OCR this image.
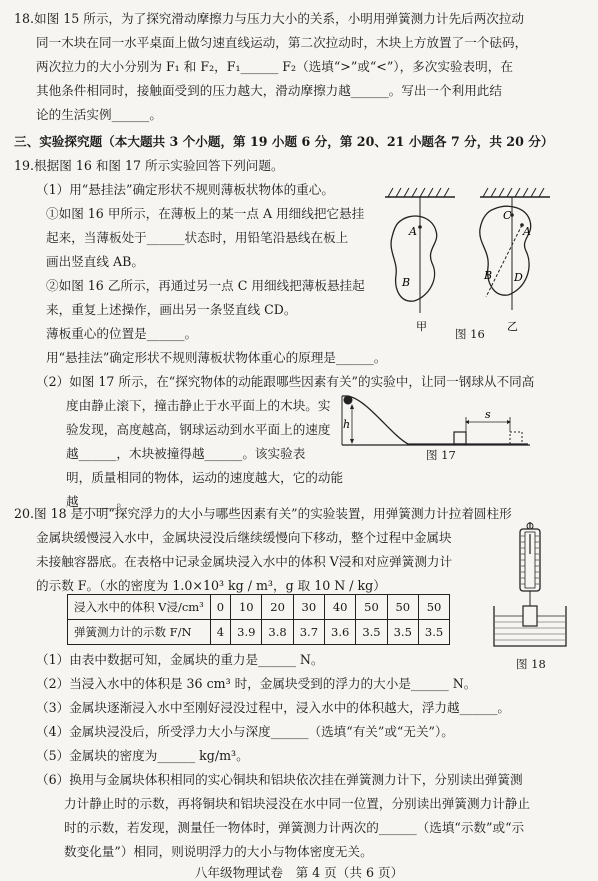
18.如图 15 所示，为了探究滑动摩擦力与压力大小的关系，小明用弹簧测力计先后两次拉动
同一木块在同一水平桌面上做匀速直线运动，第二次拉动时，木块上方放置了一个砝码，
两次拉力的大小分别为 F₁ 和 F₂，F₁______ F₂（选填“>”或“<”），多次实验表明，在
其他条件相同时，接触面受到的压力越大，滑动摩擦力越______。写出一个利用此结
论的生活实例______。
三、实验探究题（本大题共 3 个小题，第 19 小题 6 分，第 20、21 小题各 7 分，共 20 分）
19.根据图 16 和图 17 所示实验回答下列问题。
（1）用“悬挂法”确定形状不规则薄板状物体的重心。
①如图 16 甲所示，在薄板上的某一点 A 用细线把它悬挂
起来，当薄板处于______状态时，用铅笔沿悬线在板上
画出竖直线 AB。
②如图 16 乙所示，再通过另一点 C 用细线把薄板悬挂起
来，重复上述操作，画出另一条竖直线 CD。
薄板重心的位置是______。
用“悬挂法”确定形状不规则薄板状物体重心的原理是______。
（2）如图 17 所示，在“探究物体的动能跟哪些因素有关”的实验中，让同一钢球从不同高
度由静止滚下，撞击静止于水平面上的木块。实
验发现，高度越高，钢球运动到水平面上的速度
越______，木块被撞得越______。该实验表
明，质量相同的物体，运动的速度越大，它的动能
越______。
A
B
甲
C
A
B D
乙
图 16
h
s
图 17
20.图 18 是小明“探究浮力的大小与哪些因素有关”的实验装置，用弹簧测力计拉着圆柱形
金属块缓慢浸入水中，金属块浸没后继续缓慢向下移动，整个过程中金属块
未接触容器底。在表格中记录金属块浸入水中的体积 V浸和对应弹簧测力计
的示数 F。（水的密度为 1.0×10³ kg / m³，g 取 10 N / kg）
浸入水中的体积 V浸/cm³	0	10	20	30	40	50	50	50
弹簧测力计的示数 F/N	4	3.9	3.8	3.7	3.6	3.5	3.5	3.5
图 18
（1）由表中数据可知，金属块的重力是______ N。
（2）当浸入水中的体积是 36 cm³ 时，金属块受到的浮力的大小是______ N。
（3）金属块逐渐浸入水中至刚好浸没过程中，浸入水中的体积越大，浮力越______。
（4）金属块浸没后，所受浮力大小与深度______（选填“有关”或“无关”）。
（5）金属块的密度为______ kg/m³。
（6）换用与金属块体积相同的实心铜块和铝块依次挂在弹簧测力计下，分别读出弹簧测
力计静止时的示数，再将铜块和铝块浸没在水中同一位置，分别读出弹簧测力计静止
时的示数，若发现，测量任一物体时，弹簧测力计两次的______（选填“示数”或“示
数变化量”）相同，则说明浮力的大小与物体密度无关。
八年级物理试卷　第 4 页（共 6 页）
